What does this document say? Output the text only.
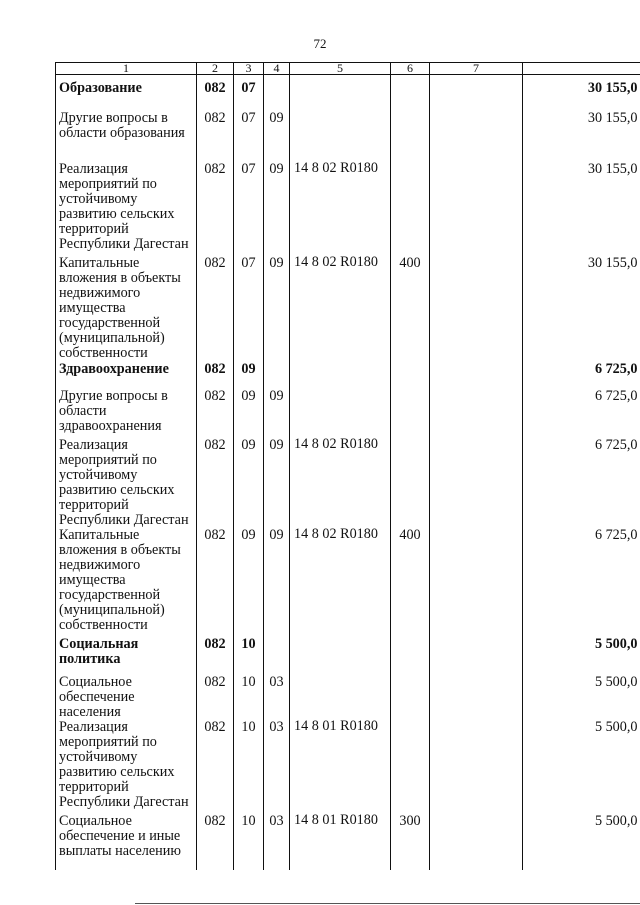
72
1	2	3	4	5	6	7	
Образование	082	07					30 155,0
Другие вопросы в области образования	082	07	09				30 155,0
Реализация мероприятий по устойчивому развитию сельских территорий Республики Дагестан	082	07	09	14 8 02 R0180			30 155,0
Капитальные вложения в объекты недвижимого имущества государственной (муниципальной) собственности	082	07	09	14 8 02 R0180	400		30 155,0
Здравоохранение	082	09					6 725,0
Другие вопросы в области здравоохранения	082	09	09				6 725,0
Реализация мероприятий по устойчивому развитию сельских территорий Республики Дагестан	082	09	09	14 8 02 R0180			6 725,0
Капитальные вложения в объекты недвижимого имущества государственной (муниципальной) собственности	082	09	09	14 8 02 R0180	400		6 725,0
Социальная политика	082	10					5 500,0
Социальное обеспечение населения	082	10	03				5 500,0
Реализация мероприятий по устойчивому развитию сельских территорий Республики Дагестан	082	10	03	14 8 01 R0180			5 500,0
Социальное обеспечение и иные выплаты населению	082	10	03	14 8 01 R0180	300		5 500,0
